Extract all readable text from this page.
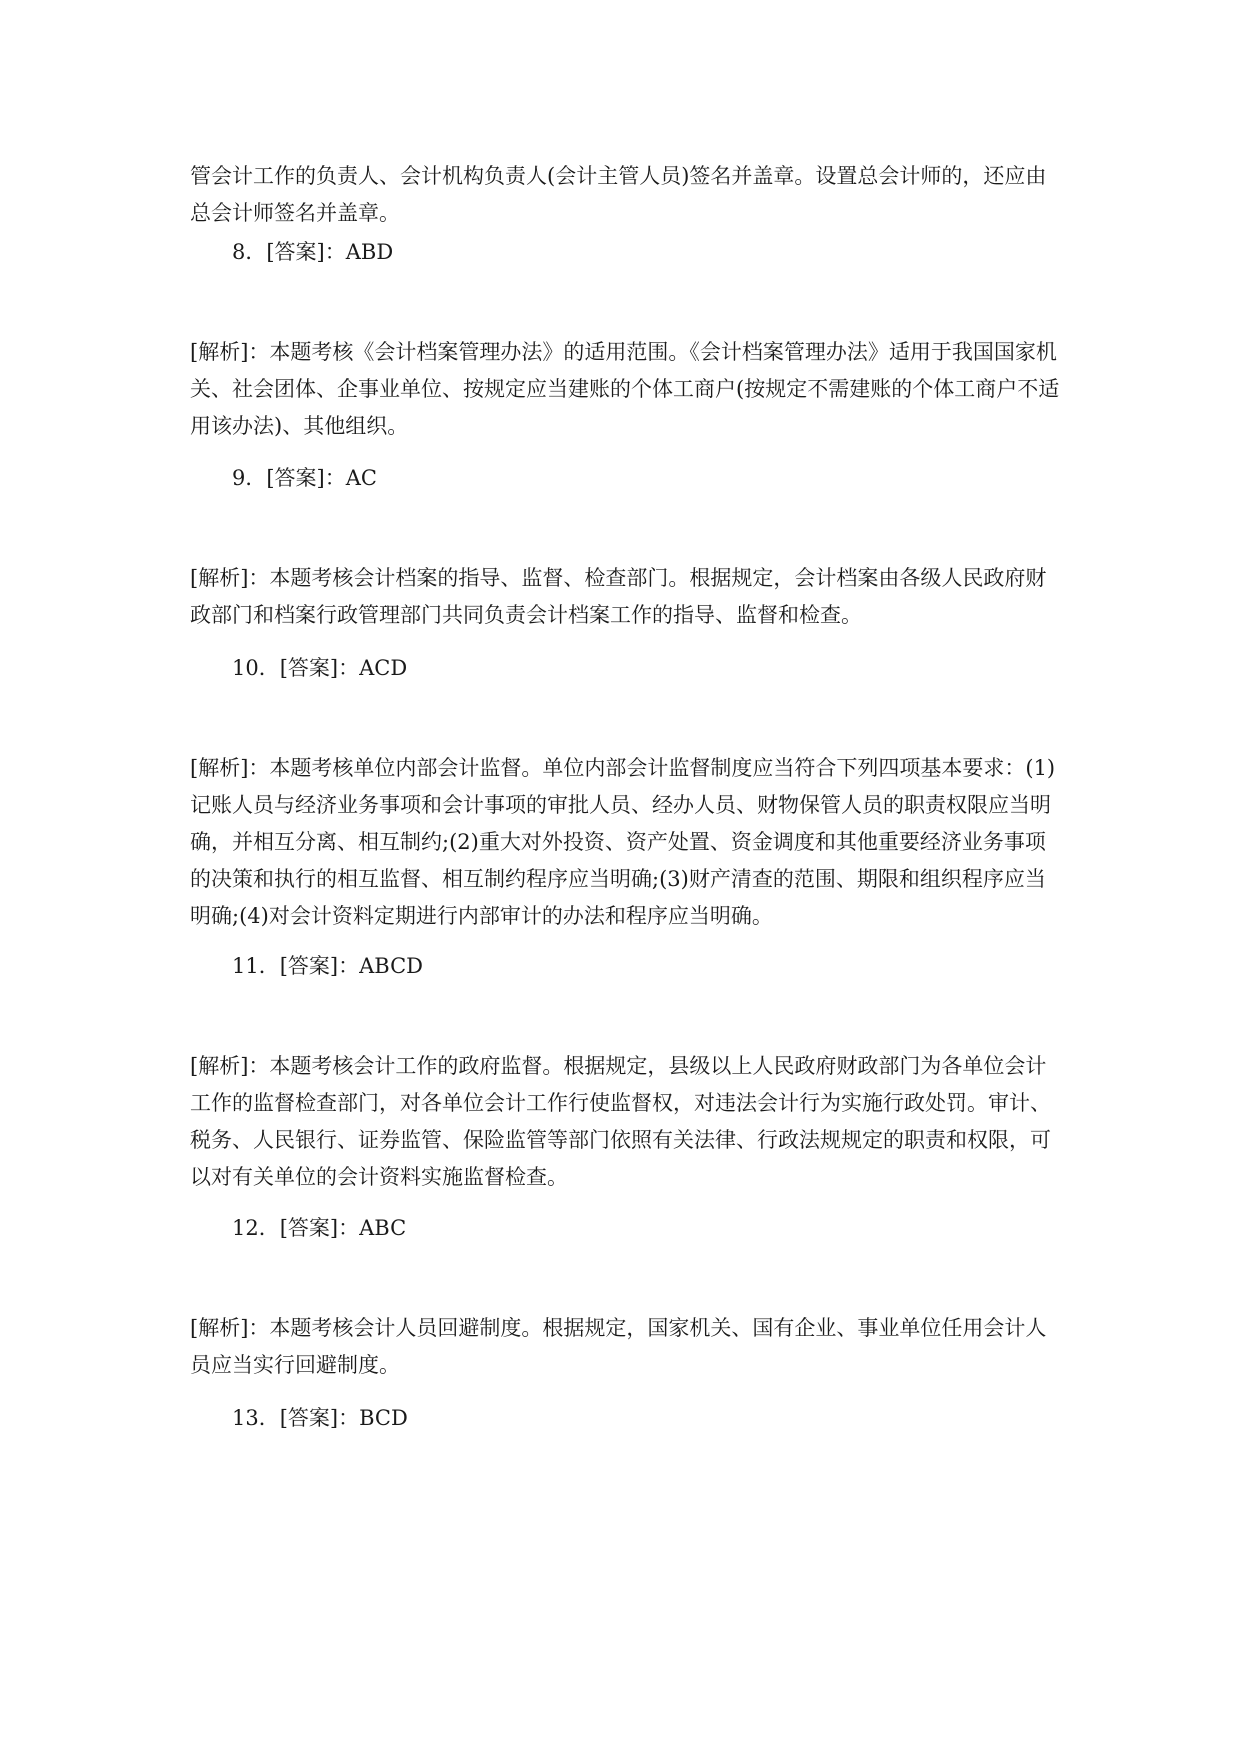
管会计工作的负责人、会计机构负责人(会计主管人员)签名并盖章。设置总会计师的，还应由总会计师签名并盖章。

8．[答案]：ABD

[解析]：本题考核《会计档案管理办法》的适用范围。《会计档案管理办法》适用于我国国家机关、社会团体、企事业单位、按规定应当建账的个体工商户(按规定不需建账的个体工商户不适用该办法)、其他组织。

9．[答案]：AC

[解析]：本题考核会计档案的指导、监督、检查部门。根据规定，会计档案由各级人民政府财政部门和档案行政管理部门共同负责会计档案工作的指导、监督和检查。

10．[答案]：ACD

[解析]：本题考核单位内部会计监督。单位内部会计监督制度应当符合下列四项基本要求：(1)记账人员与经济业务事项和会计事项的审批人员、经办人员、财物保管人员的职责权限应当明确，并相互分离、相互制约;(2)重大对外投资、资产处置、资金调度和其他重要经济业务事项的决策和执行的相互监督、相互制约程序应当明确;(3)财产清查的范围、期限和组织程序应当明确;(4)对会计资料定期进行内部审计的办法和程序应当明确。

11．[答案]：ABCD

[解析]：本题考核会计工作的政府监督。根据规定，县级以上人民政府财政部门为各单位会计工作的监督检查部门，对各单位会计工作行使监督权，对违法会计行为实施行政处罚。审计、税务、人民银行、证券监管、保险监管等部门依照有关法律、行政法规规定的职责和权限，可以对有关单位的会计资料实施监督检查。

12．[答案]：ABC

[解析]：本题考核会计人员回避制度。根据规定，国家机关、国有企业、事业单位任用会计人员应当实行回避制度。

13．[答案]：BCD
